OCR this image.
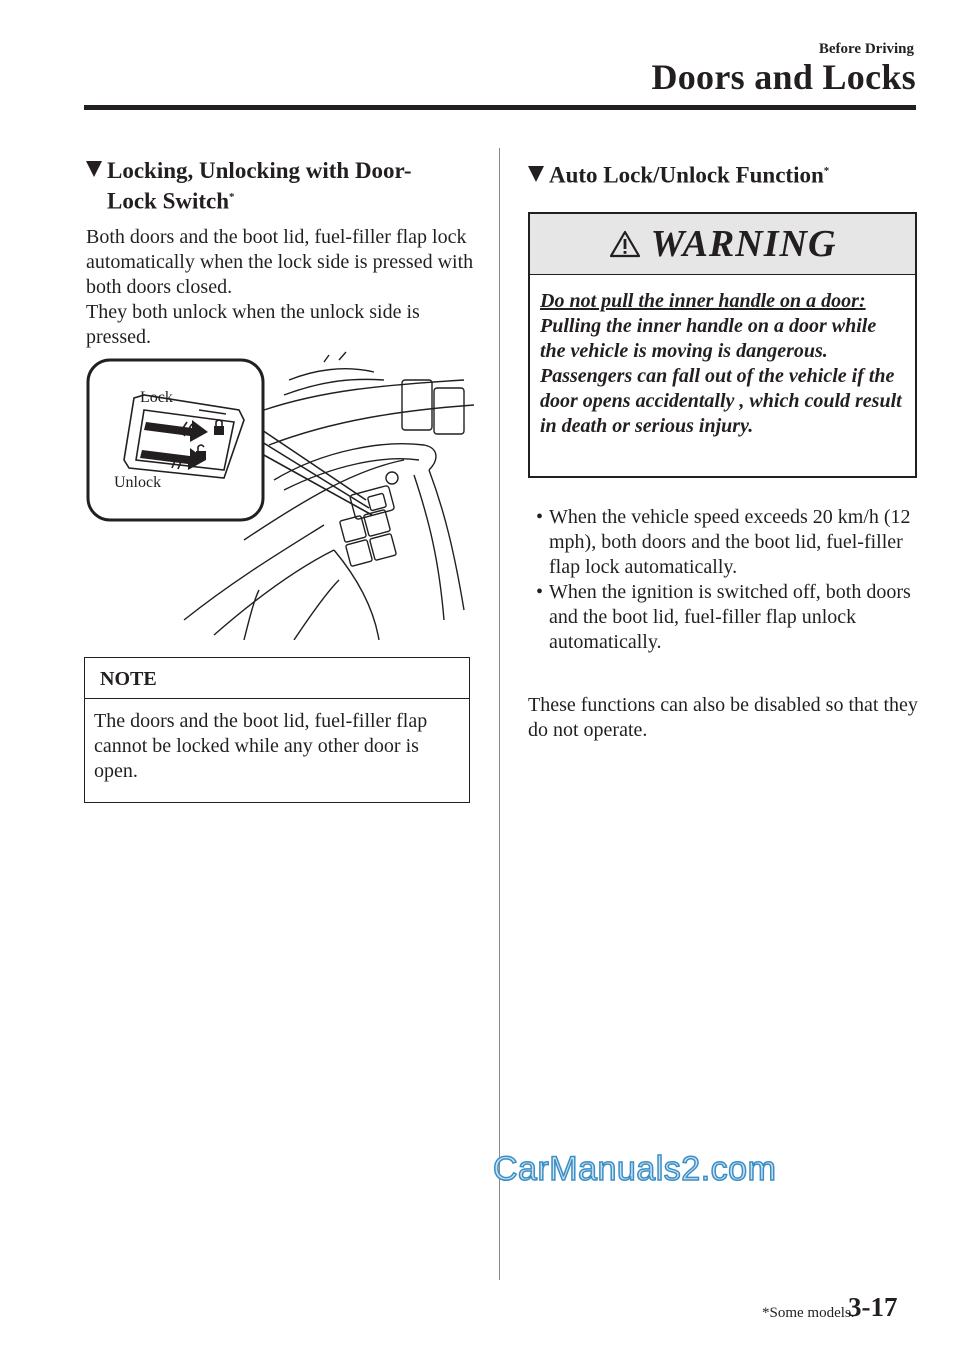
Before Driving
Doors and Locks
Locking, Unlocking with Door-
Lock Switch*

Both doors and the boot lid, fuel-filler flap lock automatically when the lock side is pressed with both doors closed.

They both unlock when the unlock side is pressed.

Lock
Unlock
NOTE
The doors and the boot lid, fuel-filler flap cannot be locked while any other door is open.
Auto Lock/Unlock Function*
WARNING
Do not pull the inner handle on a door:
Pulling the inner handle on a door while the vehicle is moving is dangerous. Passengers can fall out of the vehicle if the door opens accidentally , which could result in death or serious injury.

• When the vehicle speed exceeds 20 km/h (12 mph), both doors and the boot lid, fuel-filler flap lock automatically.

• When the ignition is switched off, both doors and the boot lid, fuel-filler flap unlock automatically.

These functions can also be disabled so that they do not operate.

CarManuals2.com
*Some models.
3-17
